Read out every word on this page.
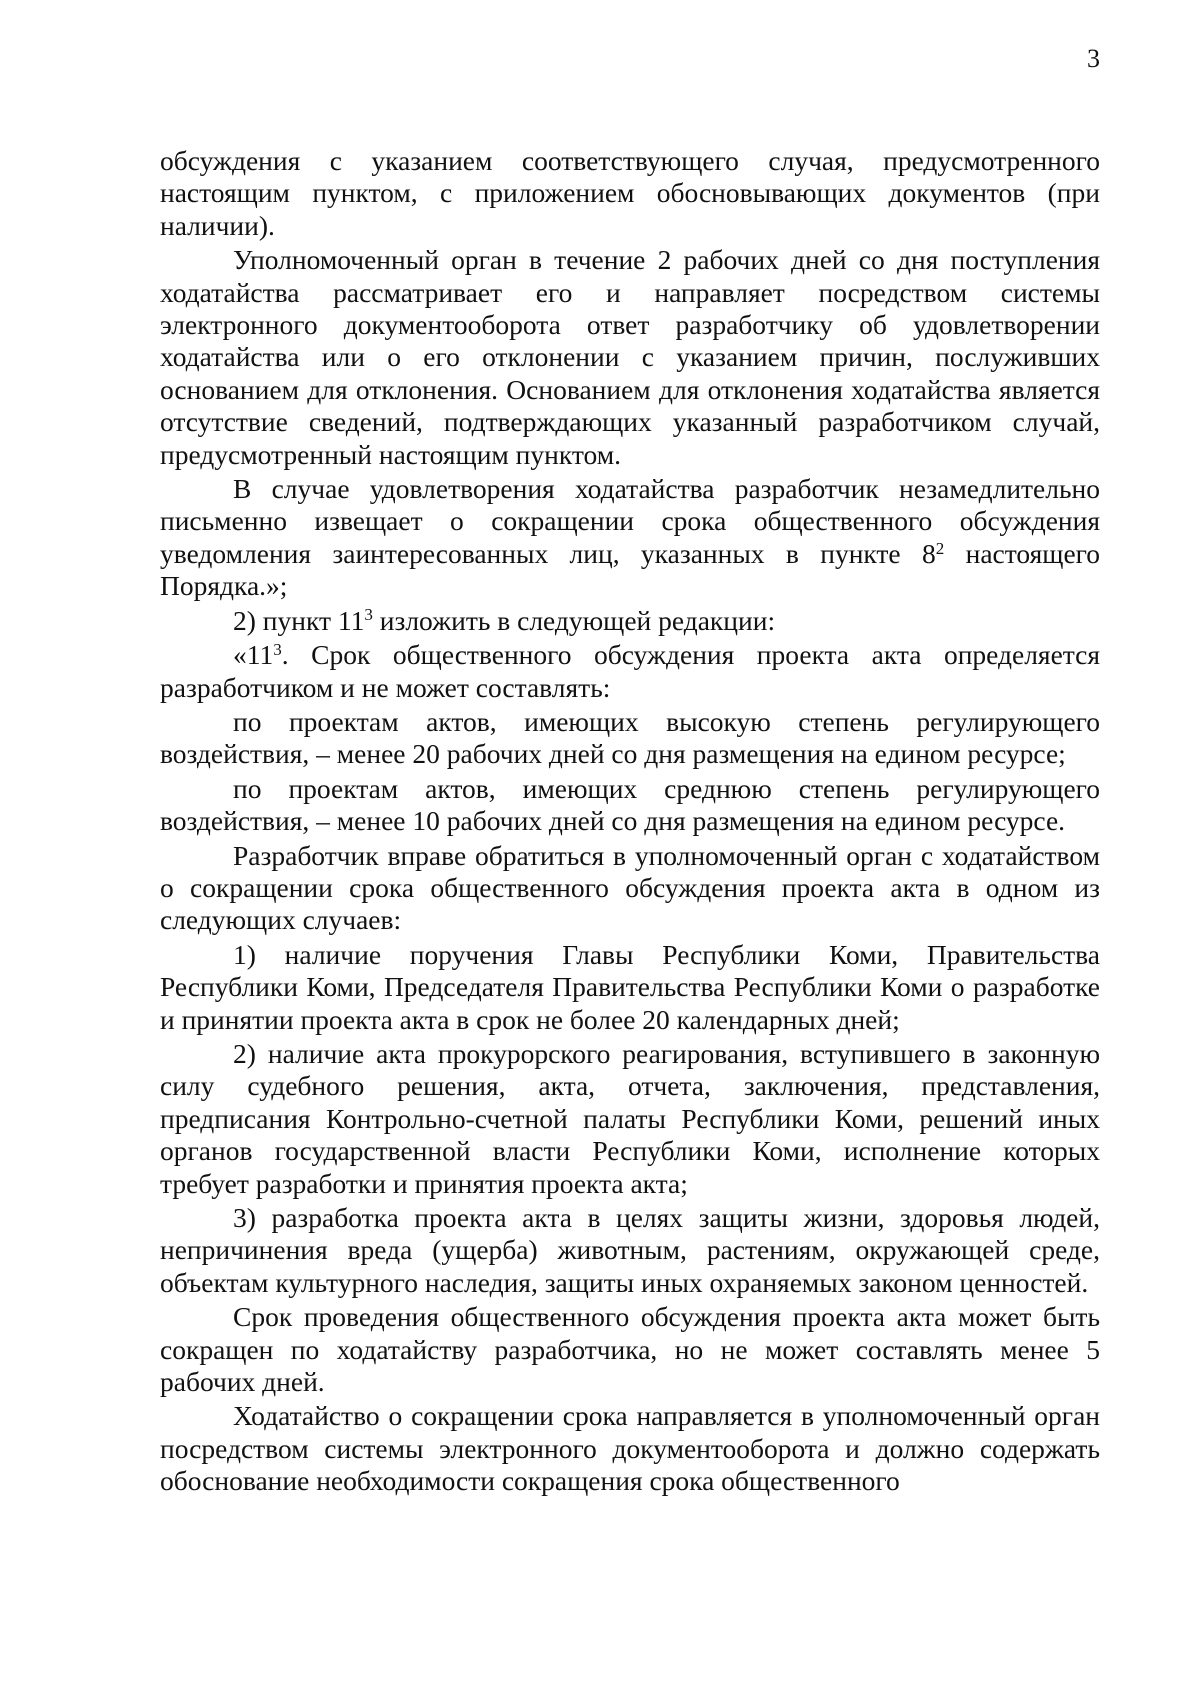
3

обсуждения с указанием соответствующего случая, предусмотренного настоящим пунктом, с приложением обосновывающих документов (при наличии).

Уполномоченный орган в течение 2 рабочих дней со дня поступления ходатайства рассматривает его и направляет посредством системы электронного документооборота ответ разработчику об удовлетворении ходатайства или о его отклонении с указанием причин, послуживших основанием для отклонения. Основанием для отклонения ходатайства является отсутствие сведений, подтверждающих указанный разработчиком случай, предусмотренный настоящим пунктом.

В случае удовлетворения ходатайства разработчик незамедлительно письменно извещает о сокращении срока общественного обсуждения уведомления заинтересованных лиц, указанных в пункте $8^2$ настоящего Порядка.»;

2) пункт $11^3$ изложить в следующей редакции:

«$11^3$. Срок общественного обсуждения проекта акта определяется разработчиком и не может составлять:

по проектам актов, имеющих высокую степень регулирующего воздействия, – менее 20 рабочих дней со дня размещения на едином ресурсе;

по проектам актов, имеющих среднюю степень регулирующего воздействия, – менее 10 рабочих дней со дня размещения на едином ресурсе.

Разработчик вправе обратиться в уполномоченный орган с ходатайством о сокращении срока общественного обсуждения проекта акта в одном из следующих случаев:

1) наличие поручения Главы Республики Коми, Правительства Республики Коми, Председателя Правительства Республики Коми о разработке и принятии проекта акта в срок не более 20 календарных дней;

2) наличие акта прокурорского реагирования, вступившего в законную силу судебного решения, акта, отчета, заключения, представления, предписания Контрольно-счетной палаты Республики Коми, решений иных органов государственной власти Республики Коми, исполнение которых требует разработки и принятия проекта акта;

3) разработка проекта акта в целях защиты жизни, здоровья людей, непричинения вреда (ущерба) животным, растениям, окружающей среде, объектам культурного наследия, защиты иных охраняемых законом ценностей.

Срок проведения общественного обсуждения проекта акта может быть сокращен по ходатайству разработчика, но не может составлять менее 5 рабочих дней.

Ходатайство о сокращении срока направляется в уполномоченный орган посредством системы электронного документооборота и должно содержать обоснование необходимости сокращения срока общественного
